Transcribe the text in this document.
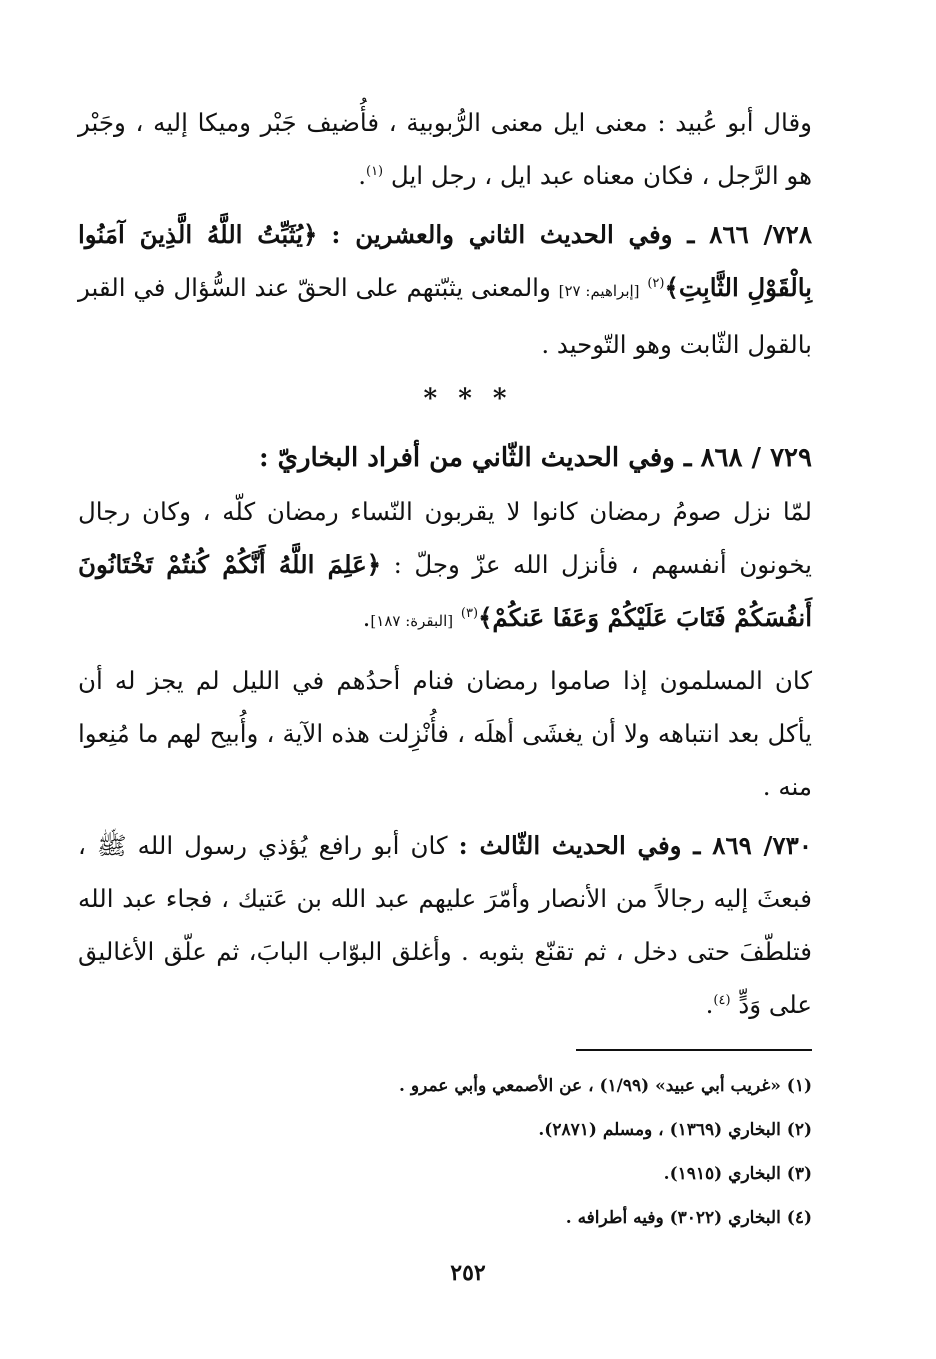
وقال أبو عُبيد : معنى ايل معنى الرُّبوبية ، فأُضيف جَبْر وميكا إليه ، وجَبْر هو الرَّجل ، فكان معناه عبد ايل ، رجل ايل $^{(١)}$.

٧٢٨/ ٨٦٦ ـ وفي الحديث الثاني والعشرين : ﴿يُثَبِّتُ اللَّهُ الَّذِينَ آمَنُوا بِالْقَوْلِ الثَّابِتِ﴾$^{(٢)}$ [إبراهيم: ٢٧] والمعنى يثبّتهم على الحقّ عند السُّؤال في القبر بالقول الثّابت وهو التّوحيد .

* * *

٧٢٩ / ٨٦٨ ـ وفي الحديث الثّاني من أفراد البخاريّ :

لمّا نزل صومُ رمضان كانوا لا يقربون النّساء رمضان كلّه ، وكان رجال يخونون أنفسهم ، فأنزل الله عزّ وجلّ : ﴿عَلِمَ اللَّهُ أَنَّكُمْ كُنتُمْ تَخْتَانُونَ أَنفُسَكُمْ فَتَابَ عَلَيْكُمْ وَعَفَا عَنكُمْ﴾$^{(٣)}$ [البقرة: ١٨٧].

كان المسلمون إذا صاموا رمضان فنام أحدُهم في الليل لم يجز له أن يأكل بعد انتباهه ولا أن يغشَى أهلَه ، فأُنْزِلت هذه الآية ، وأُبيح لهم ما مُنِعوا منه .

٧٣٠/ ٨٦٩ ـ وفي الحديث الثّالث : كان أبو رافع يُؤذي رسول الله ﷺ ، فبعثَ إليه رجالاً من الأنصار وأمّرَ عليهم عبد الله بن عَتيك ، فجاء عبد الله فتلطّفَ حتى دخل ، ثم تقنّع بثوبه . وأغلق البوّاب البابَ، ثم علّق الأغاليق على وَدٍّ $^{(٤)}$.

(١) «غريب أبي عبيد» (١/٩٩) ، عن الأصمعي وأبي عمرو .
(٢) البخاري (١٣٦٩) ، ومسلم (٢٨٧١).
(٣) البخاري (١٩١٥).
(٤) البخاري (٣٠٢٢) وفيه أطرافه .
٢٥٢
